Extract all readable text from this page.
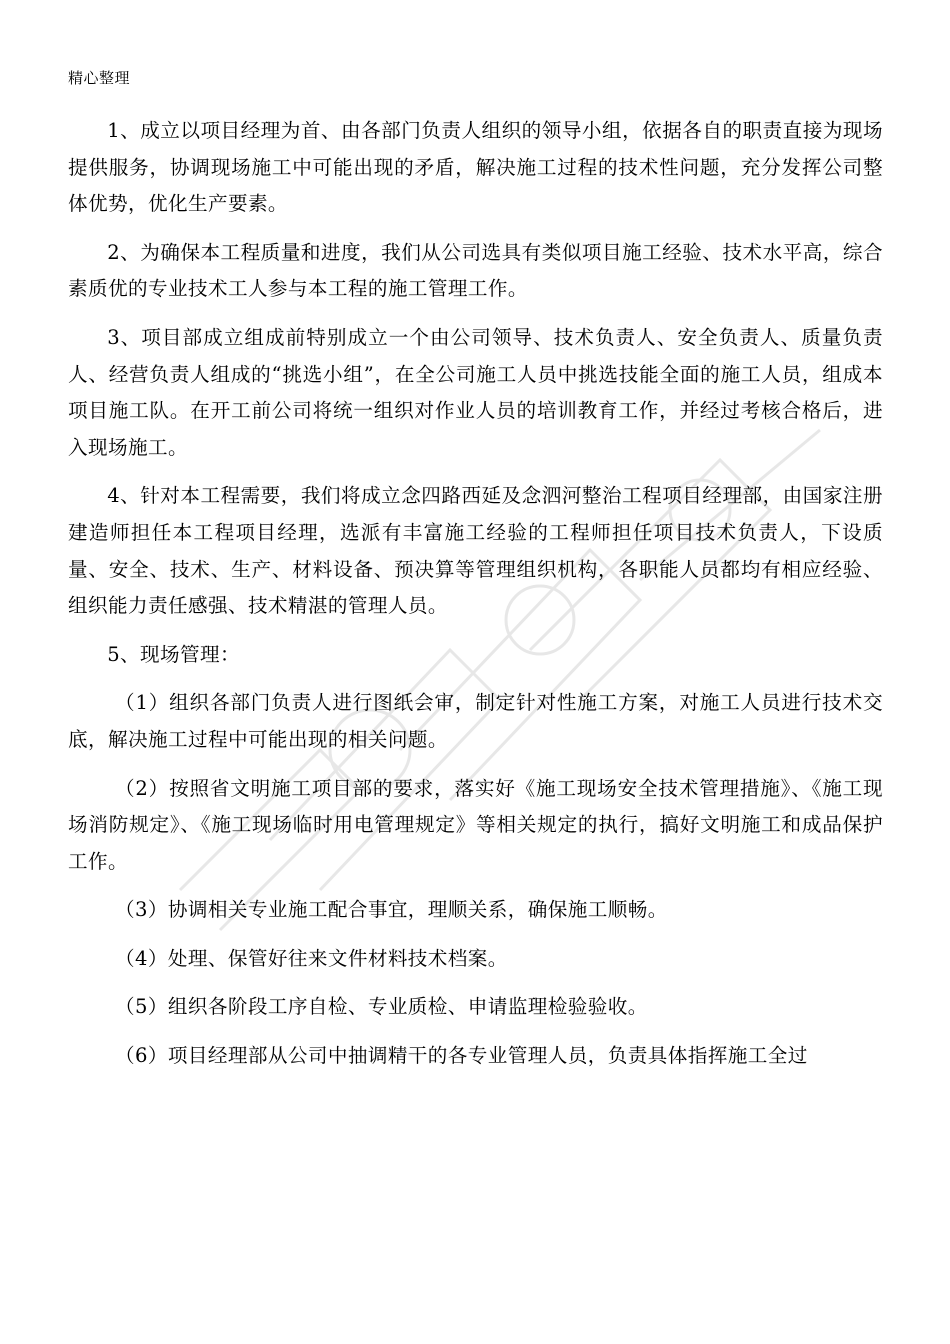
精心整理

1、成立以项目经理为首、由各部门负责人组织的领导小组，依据各自的职责直接为现场提供服务，协调现场施工中可能出现的矛盾，解决施工过程的技术性问题，充分发挥公司整体优势，优化生产要素。

2、为确保本工程质量和进度，我们从公司选具有类似项目施工经验、技术水平高，综合素质优的专业技术工人参与本工程的施工管理工作。

3、项目部成立组成前特别成立一个由公司领导、技术负责人、安全负责人、质量负责人、经营负责人组成的“挑选小组”，在全公司施工人员中挑选技能全面的施工人员，组成本项目施工队。在开工前公司将统一组织对作业人员的培训教育工作，并经过考核合格后，进入现场施工。

4、针对本工程需要，我们将成立念四路西延及念泗河整治工程项目经理部，由国家注册建造师担任本工程项目经理，选派有丰富施工经验的工程师担任项目技术负责人，下设质量、安全、技术、生产、材料设备、预决算等管理组织机构，各职能人员都均有相应经验、组织能力责任感强、技术精湛的管理人员。

5、现场管理：

（1）组织各部门负责人进行图纸会审，制定针对性施工方案，对施工人员进行技术交底，解决施工过程中可能出现的相关问题。

（2）按照省文明施工项目部的要求，落实好《施工现场安全技术管理措施》、《施工现场消防规定》、《施工现场临时用电管理规定》等相关规定的执行，搞好文明施工和成品保护工作。

（3）协调相关专业施工配合事宜，理顺关系，确保施工顺畅。

（4）处理、保管好往来文件材料技术档案。

（5）组织各阶段工序自检、专业质检、申请监理检验验收。

（6）项目经理部从公司中抽调精干的各专业管理人员，负责具体指挥施工全过
